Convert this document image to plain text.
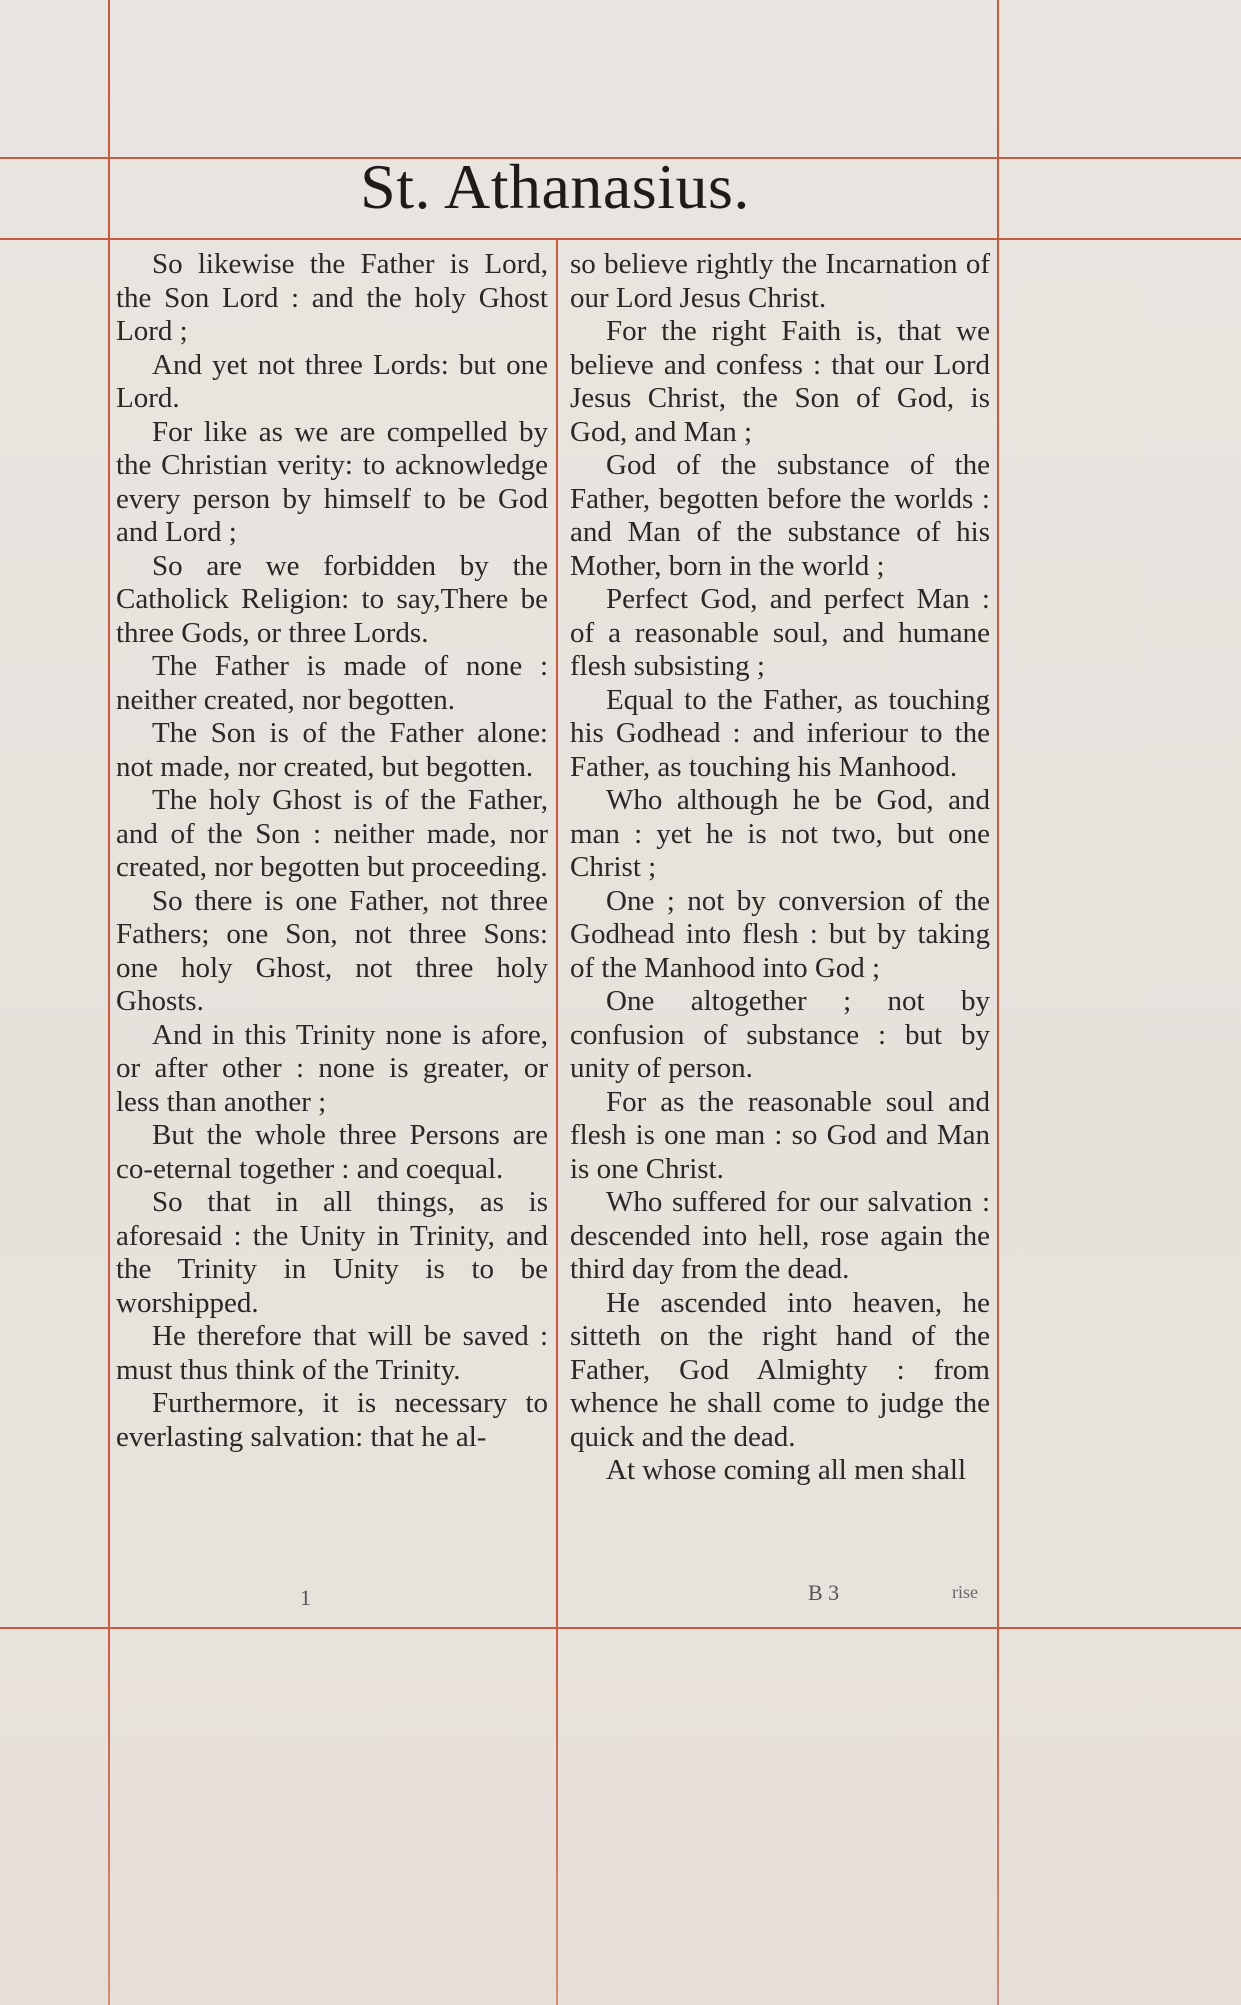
St. Athanasius.

So likewise the Father is Lord, the Son Lord : and the holy Ghost Lord ;

And yet not three Lords: but one Lord.

For like as we are compelled by the Christian verity: to acknowledge every person by himself to be God and Lord ;

So are we forbidden by the Catholick Religion: to say,There be three Gods, or three Lords.

The Father is made of none : neither created, nor begotten.

The Son is of the Father alone: not made, nor created, but begotten.

The holy Ghost is of the Father, and of the Son : neither made, nor created, nor begotten but proceeding.

So there is one Father, not three Fathers; one Son, not three Sons: one holy Ghost, not three holy Ghosts.

And in this Trinity none is afore, or after other : none is greater, or less than another ;

But the whole three Persons are co-eternal together : and coequal.

So that in all things, as is aforesaid : the Unity in Trinity, and the Trinity in Unity is to be worshipped.

He therefore that will be saved : must thus think of the Trinity.

Furthermore, it is necessary to everlasting salvation: that he al-

so believe rightly the Incarnation of our Lord Jesus Christ.

For the right Faith is, that we believe and confess : that our Lord Jesus Christ, the Son of God, is God, and Man ;

God of the substance of the Father, begotten before the worlds : and Man of the substance of his Mother, born in the world ;

Perfect God, and perfect Man : of a reasonable soul, and humane flesh subsisting ;

Equal to the Father, as touching his Godhead : and inferiour to the Father, as touching his Manhood.

Who although he be God, and man : yet he is not two, but one Christ ;

One ; not by conversion of the Godhead into flesh : but by taking of the Manhood into God ;

One altogether ; not by confusion of substance : but by unity of person.

For as the reasonable soul and flesh is one man : so God and Man is one Christ.

Who suffered for our salvation : descended into hell, rose again the third day from the dead.

He ascended into heaven, he sitteth on the right hand of the Father, God Almighty : from whence he shall come to judge the quick and the dead.

At whose coming all men shall

1	B 3	rise
